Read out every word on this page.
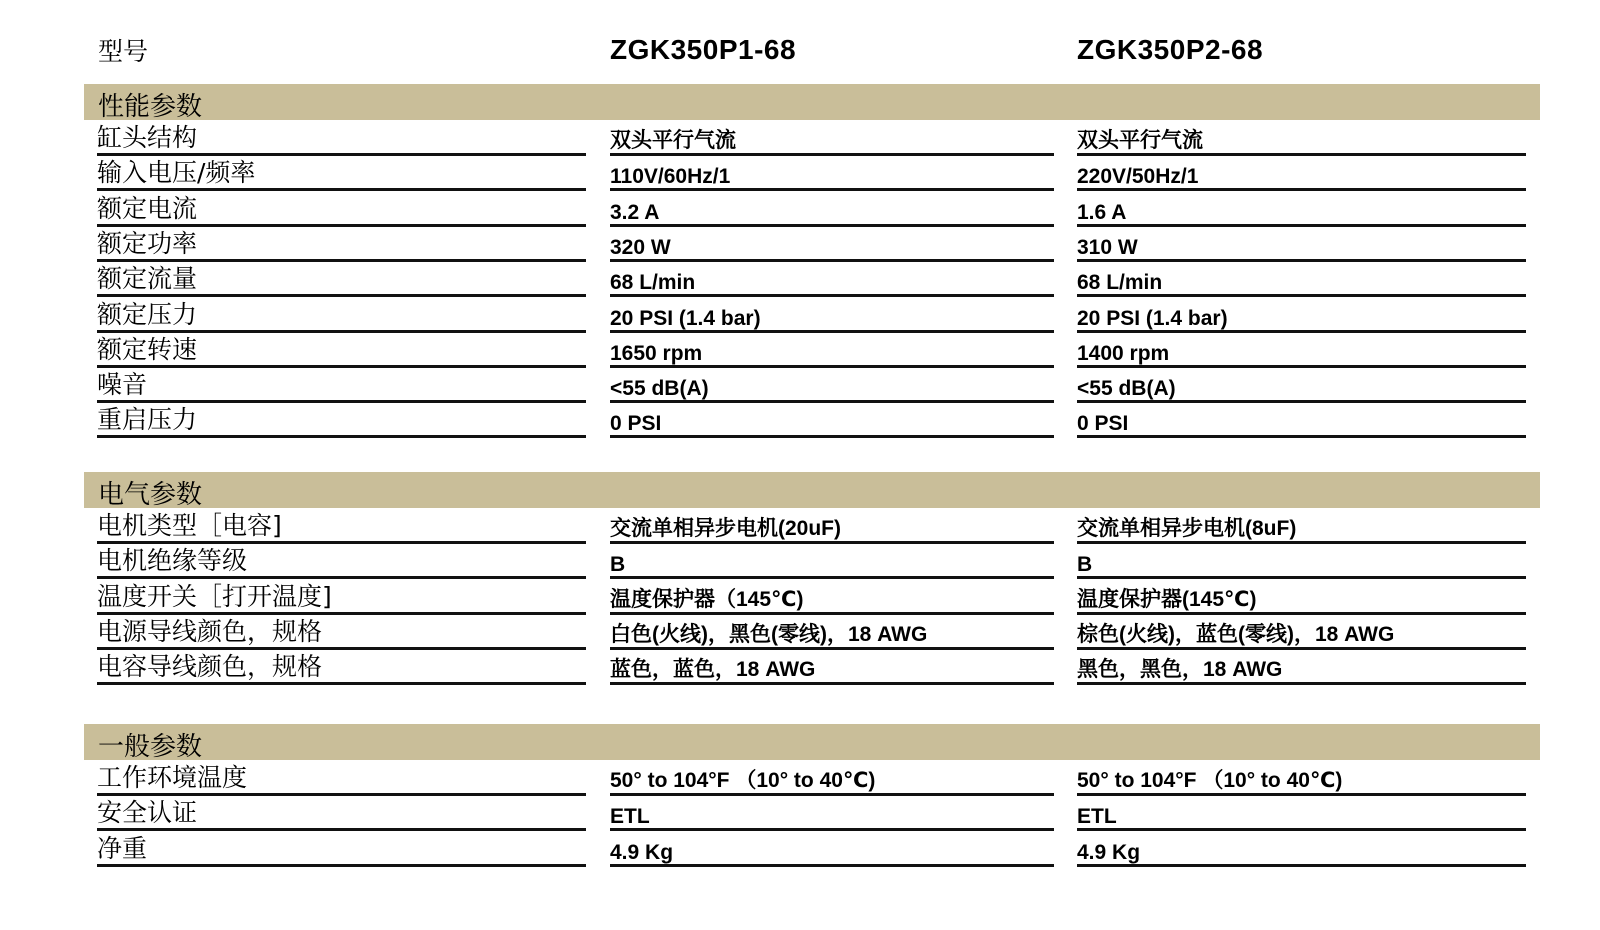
型号	ZGK350P1-68	ZGK350P2-68
性能参数
缸头结构	双头平行气流	双头平行气流
输入电压/频率	110V/60Hz/1	220V/50Hz/1
额定电流	3.2 A	1.6 A
额定功率	320 W	310 W
额定流量	68 L/min	68 L/min
额定压力	20 PSI (1.4 bar)	20 PSI (1.4 bar)
额定转速	1650 rpm	1400 rpm
噪音	<55 dB(A)	<55 dB(A)
重启压力	0 PSI	0 PSI
电气参数
电机类型［电容]	交流单相异步电机(20uF)	交流单相异步电机(8uF)
电机绝缘等级	B	B
温度开关［打开温度]	温度保护器（145℃)	温度保护器(145℃)
电源导线颜色，规格	白色(火线)，黑色(零线)，18 AWG	棕色(火线)，蓝色(零线)，18 AWG
电容导线颜色，规格	蓝色，蓝色，18 AWG	黑色，黑色，18 AWG
一般参数
工作环境温度	50° to 104°F （10° to 40℃)	50° to 104°F （10° to 40℃)
安全认证	ETL	ETL
净重	4.9 Kg	4.9 Kg
